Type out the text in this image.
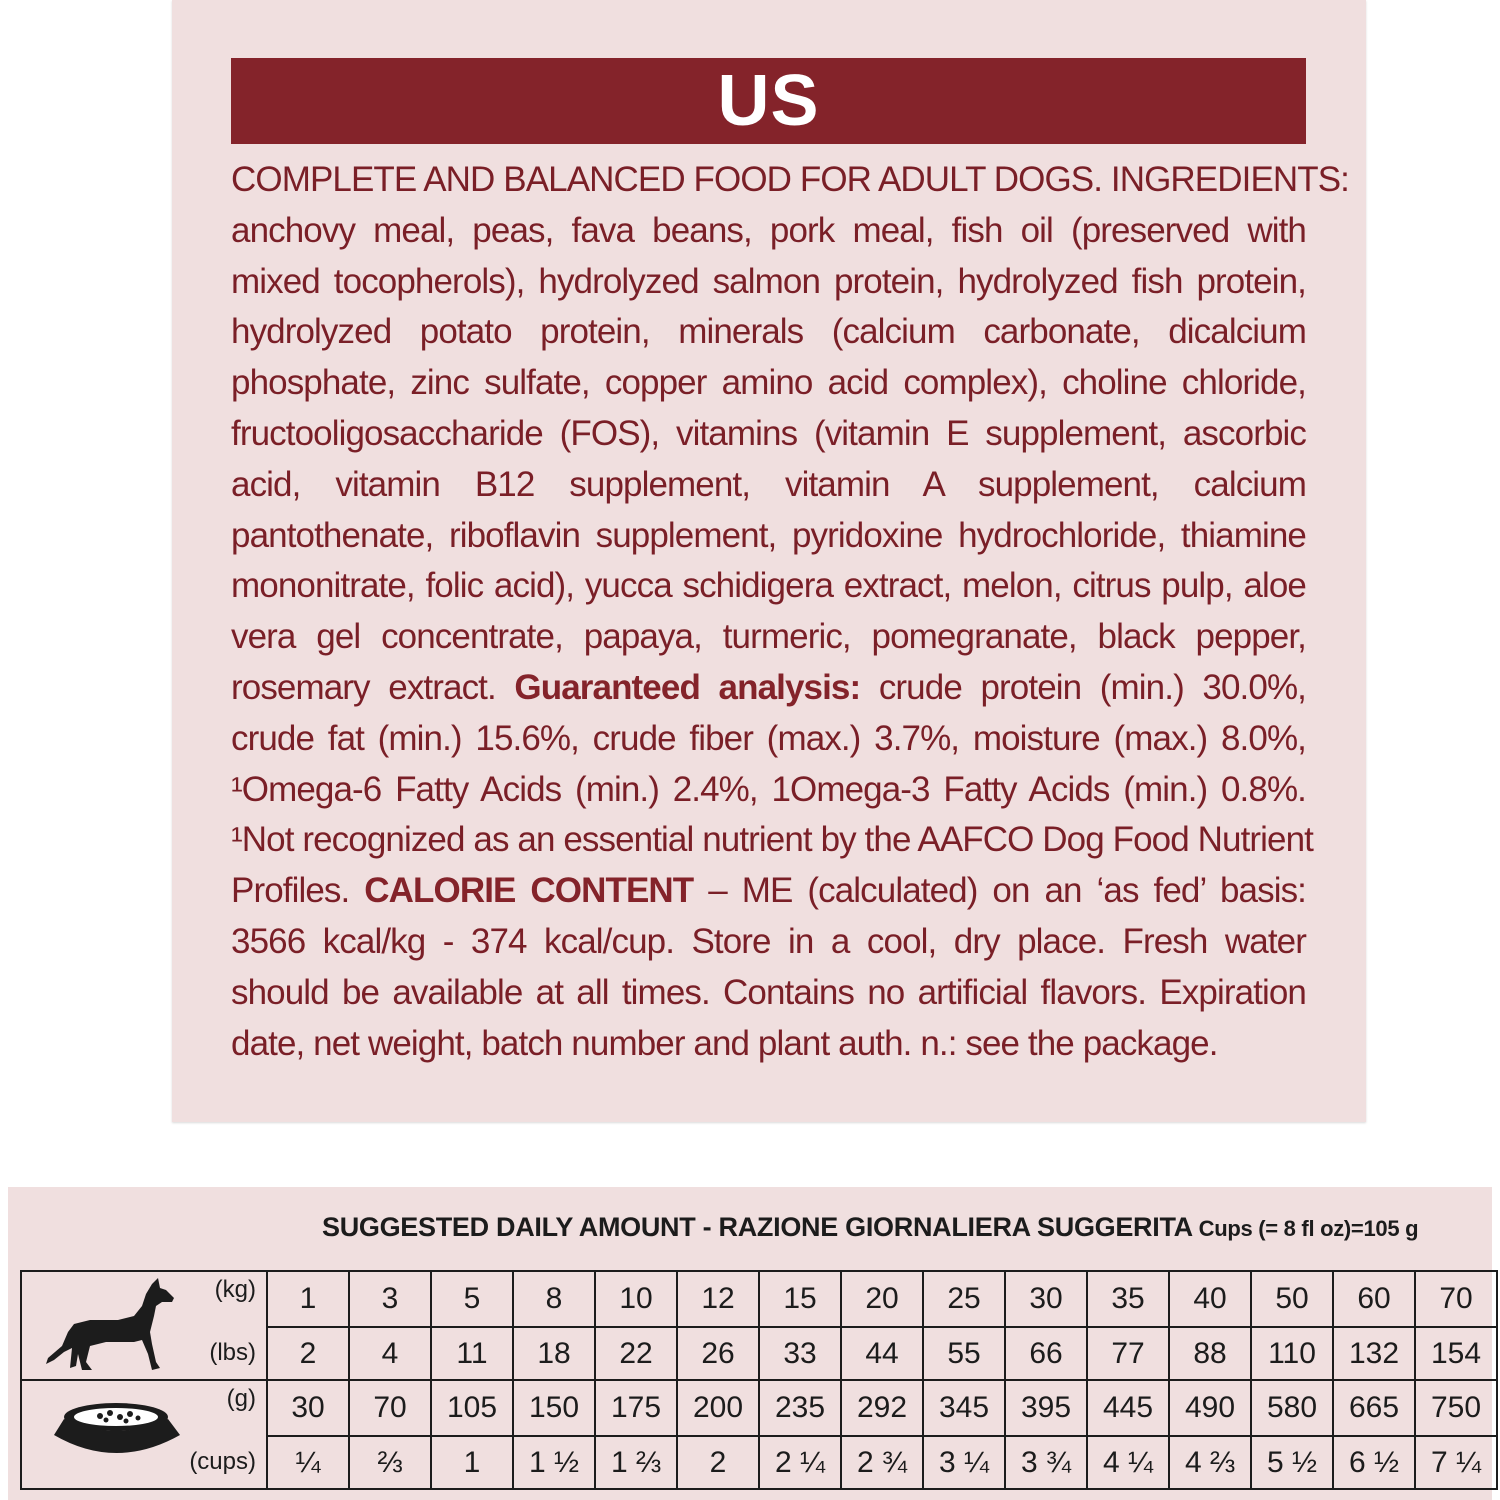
US
COMPLETE AND BALANCED FOOD FOR ADULT DOGS. INGREDIENTS:
anchovy meal, peas, fava beans, pork meal, fish oil (preserved with
mixed tocopherols), hydrolyzed salmon protein, hydrolyzed fish protein,
hydrolyzed potato protein, minerals (calcium carbonate, dicalcium
phosphate, zinc sulfate, copper amino acid complex), choline chloride,
fructooligosaccharide (FOS), vitamins (vitamin E supplement, ascorbic
acid, vitamin B12 supplement, vitamin A supplement, calcium
pantothenate, riboflavin supplement, pyridoxine hydrochloride, thiamine
mononitrate, folic acid), yucca schidigera extract, melon, citrus pulp, aloe
vera gel concentrate, papaya, turmeric, pomegranate, black pepper,
rosemary extract. Guaranteed analysis: crude protein (min.) 30.0%,
crude fat (min.) 15.6%, crude fiber (max.) 3.7%, moisture (max.) 8.0%,
¹Omega-6 Fatty Acids (min.) 2.4%, 1Omega-3 Fatty Acids (min.) 0.8%.
¹Not recognized as an essential nutrient by the AAFCO Dog Food Nutrient
Profiles. CALORIE CONTENT – ME (calculated) on an ‘as fed’ basis:
3566 kcal/kg - 374 kcal/cup. Store in a cool, dry place. Fresh water
should be available at all times. Contains no artificial flavors. Expiration
date, net weight, batch number and plant auth. n.: see the package.
SUGGESTED DAILY AMOUNT - RAZIONE GIORNALIERA SUGGERITA Cups (= 8 fl oz)=105 g
	(kg)	1	3	5	8	10	12	15	20	25	30	35	40	50	60	70
	(lbs)	2	4	11	18	22	26	33	44	55	66	77	88	110	132	154

	(g)	30	70	105	150	175	200	235	292	345	395	445	490	580	665	750
	(cups)	¼	⅔	1	1 ½	1 ⅔	2	2 ¼	2 ¾	3 ¼	3 ¾	4 ¼	4 ⅔	5 ½	6 ½	7 ¼
